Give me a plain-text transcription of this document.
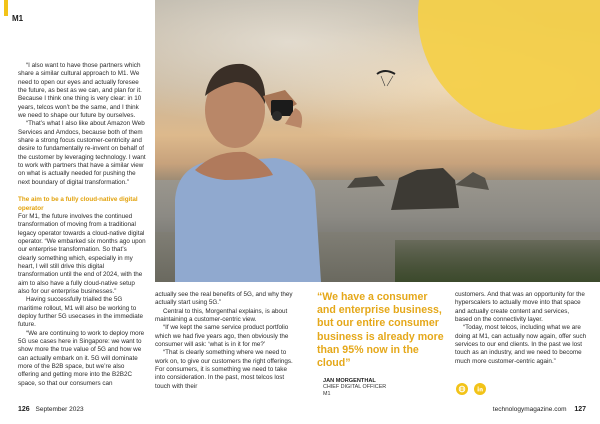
M1

“I also want to have those partners which share a similar cultural approach to M1. We need to open our eyes and actually foresee the future, as best as we can, and plan for it. Because I think one thing is very clear: in 10 years, telcos won’t be the same, and I think we need to shape our future by ourselves.

“That’s what I also like about Amazon Web Services and Amdocs, because both of them share a strong focus customer-centricity and desire to fundamentally re-invent on behalf of the customer by leveraging technology. I want to work with partners that have a similar view on what is actually needed for pushing the next boundary of digital transformation.”

The aim to be a fully cloud-native digital operator

For M1, the future involves the continued transformation of moving from a traditional legacy operator towards a cloud-native digital operator. “We embarked six months ago upon our enterprise transformation. So that’s clearly something which, especially in my heart, I will still drive this digital transformation until the end of 2024, with the aim to also have a fully cloud-native setup also for our enterprise businesses.”

Having successfully trialled the 5G maritime rollout, M1 will also be working to deploy further 5G usecases in the immediate future.

“We are continuing to work to deploy more 5G use cases here in Singapore: we want to show more the true value of 5G and how we can actually embark on it. 5G will dominate more of the B2B space, but we’re also offering and getting more into the B2B2C space, so that our consumers can

actually see the real benefits of 5G, and why they actually start using 5G.”

Central to this, Morgenthal explains, is about maintaining a customer-centric view.

“If we kept the same service product portfolio which we had five years ago, then obviously the consumer will ask: ‘what is in it for me?’

“That is clearly something where we need to work on, to give our customers the right offerings. For consumers, it is something we need to take into consideration. In the past, most telcos lost touch with their

“We have a consumer and enterprise business, but our entire consumer business is already more than 95% now in the cloud”
JAN MORGENTHAL
CHIEF DIGITAL OFFICER
M1

customers. And that was an opportunity for the hyperscalers to actually move into that space and actually create content and services, based on the connectivity layer.

“Today, most telcos, including what we are doing at M1, can actually now again, offer such services to our end clients. In the past we lost touch as an industry, and we need to become much more customer-centric again.”

126 September 2023	technologymagazine.com 127
